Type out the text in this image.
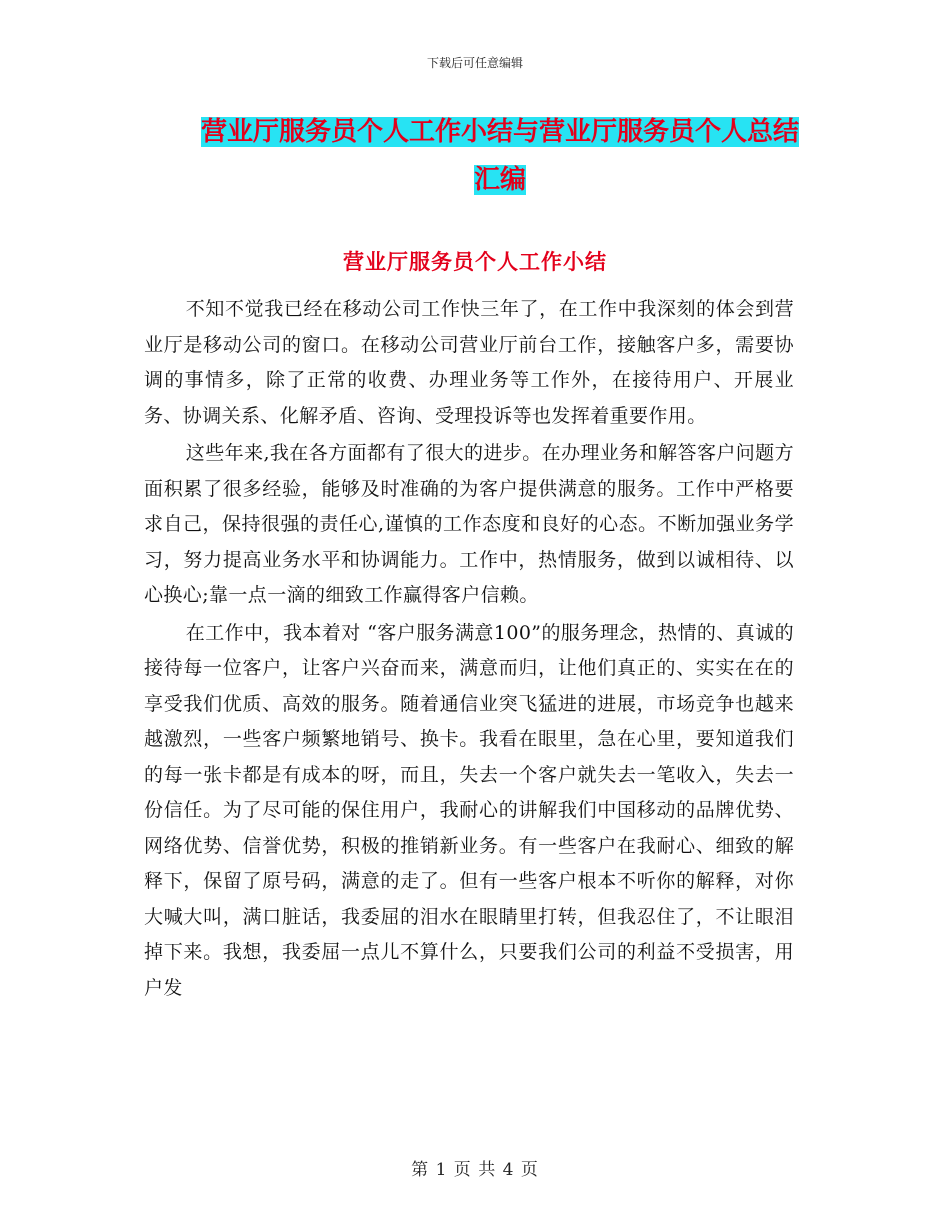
下载后可任意编辑
营业厅服务员个人工作小结与营业厅服务员个人总结
汇编
营业厅服务员个人工作小结

不知不觉我已经在移动公司工作快三年了，在工作中我深刻的体会到营业厅是移动公司的窗口。在移动公司营业厅前台工作，接触客户多，需要协调的事情多，除了正常的收费、办理业务等工作外，在接待用户、开展业务、协调关系、化解矛盾、咨询、受理投诉等也发挥着重要作用。

这些年来,我在各方面都有了很大的进步。在办理业务和解答客户问题方面积累了很多经验，能够及时准确的为客户提供满意的服务。工作中严格要求自己，保持很强的责任心,谨慎的工作态度和良好的心态。不断加强业务学习，努力提高业务水平和协调能力。工作中，热情服务，做到以诚相待、以心换心;靠一点一滴的细致工作赢得客户信赖。

在工作中，我本着对 “客户服务满意100”的服务理念，热情的、真诚的接待每一位客户，让客户兴奋而来，满意而归，让他们真正的、实实在在的享受我们优质、高效的服务。随着通信业突飞猛进的进展，市场竞争也越来越激烈，一些客户频繁地销号、换卡。我看在眼里，急在心里，要知道我们的每一张卡都是有成本的呀，而且，失去一个客户就失去一笔收入，失去一份信任。为了尽可能的保住用户，我耐心的讲解我们中国移动的品牌优势、网络优势、信誉优势，积极的推销新业务。有一些客户在我耐心、细致的解释下，保留了原号码，满意的走了。但有一些客户根本不听你的解释，对你大喊大叫，满口脏话，我委屈的泪水在眼睛里打转，但我忍住了，不让眼泪掉下来。我想，我委屈一点儿不算什么，只要我们公司的利益不受损害，用户发

第 1 页 共 4 页
